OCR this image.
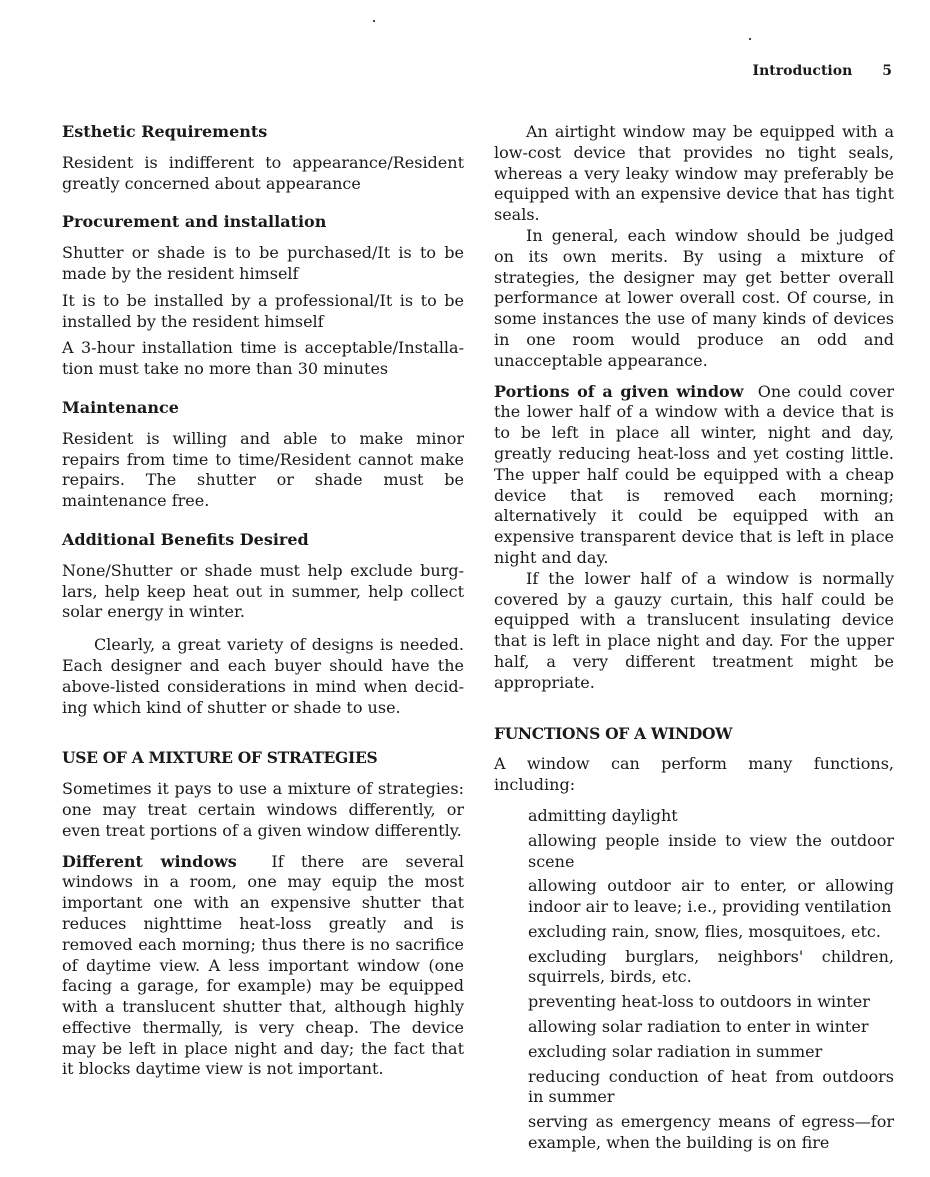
Introduction 5
Esthetic Requirements

Resident is indifferent to appearance/Resident greatly concerned about appearance

Procurement and installation

Shutter or shade is to be purchased/It is to be made by the resident himself

It is to be installed by a professional/It is to be installed by the resident himself

A 3-hour installation time is acceptable/Installation must take no more than 30 minutes

Maintenance

Resident is willing and able to make minor repairs from time to time/Resident cannot make repairs. The shutter or shade must be maintenance free.

Additional Benefits Desired

None/Shutter or shade must help exclude burglars, help keep heat out in summer, help collect solar energy in winter.

Clearly, a great variety of designs is needed. Each designer and each buyer should have the above-listed considerations in mind when deciding which kind of shutter or shade to use.

USE OF A MIXTURE OF STRATEGIES

Sometimes it pays to use a mixture of strategies: one may treat certain windows differently, or even treat portions of a given window differently.

Different windows If there are several windows in a room, one may equip the most important one with an expensive shutter that reduces nighttime heat-loss greatly and is removed each morning; thus there is no sacrifice of daytime view. A less important window (one facing a garage, for example) may be equipped with a translucent shutter that, although highly effective thermally, is very cheap. The device may be left in place night and day; the fact that it blocks daytime view is not important.

An airtight window may be equipped with a low-cost device that provides no tight seals, whereas a very leaky window may preferably be equipped with an expensive device that has tight seals.

In general, each window should be judged on its own merits. By using a mixture of strategies, the designer may get better overall performance at lower overall cost. Of course, in some instances the use of many kinds of devices in one room would produce an odd and unacceptable appearance.

Portions of a given window One could cover the lower half of a window with a device that is to be left in place all winter, night and day, greatly reducing heat-loss and yet costing little. The upper half could be equipped with a cheap device that is removed each morning; alternatively it could be equipped with an expensive transparent device that is left in place night and day.

If the lower half of a window is normally covered by a gauzy curtain, this half could be equipped with a translucent insulating device that is left in place night and day. For the upper half, a very different treatment might be appropriate.

FUNCTIONS OF A WINDOW

A window can perform many functions, including:

admitting daylight
allowing people inside to view the outdoor scene
allowing outdoor air to enter, or allowing indoor air to leave; i.e., providing ventilation
excluding rain, snow, flies, mosquitoes, etc.
excluding burglars, neighbors' children, squirrels, birds, etc.
preventing heat-loss to outdoors in winter
allowing solar radiation to enter in winter
excluding solar radiation in summer
reducing conduction of heat from outdoors in summer
serving as emergency means of egress—for example, when the building is on fire
